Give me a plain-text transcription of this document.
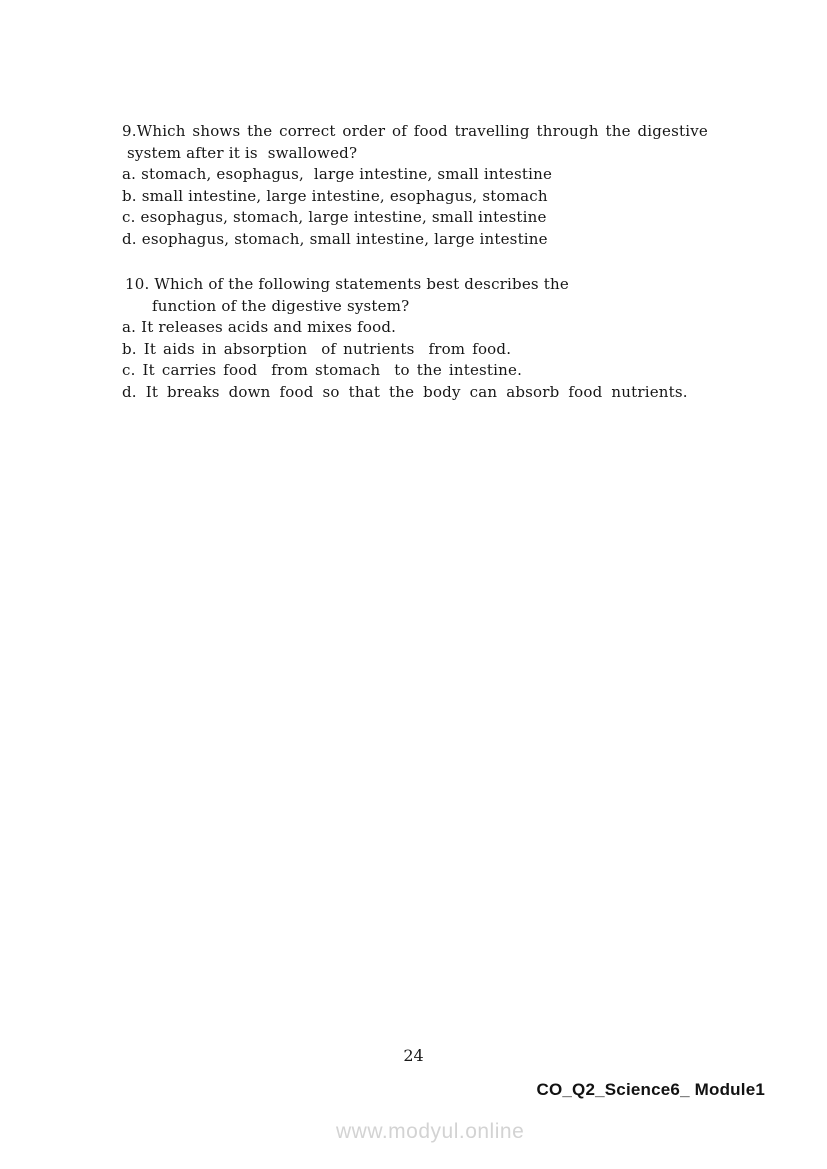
9.Which shows the correct order of food travelling through the digestive
system after it is  swallowed?
a. stomach, esophagus,  large intestine, small intestine
b. small intestine, large intestine, esophagus, stomach
c. esophagus, stomach, large intestine, small intestine
d. esophagus, stomach, small intestine, large intestine
10. Which of the following statements best describes the
function of the digestive system?
a. It releases acids and mixes food.
b. It aids in absorption  of nutrients  from food.
c. It carries food  from stomach  to the intestine.
d. It breaks down food so that the body can absorb food nutrients.
24
CO_Q2_Science6_ Module1
www.modyul.online
